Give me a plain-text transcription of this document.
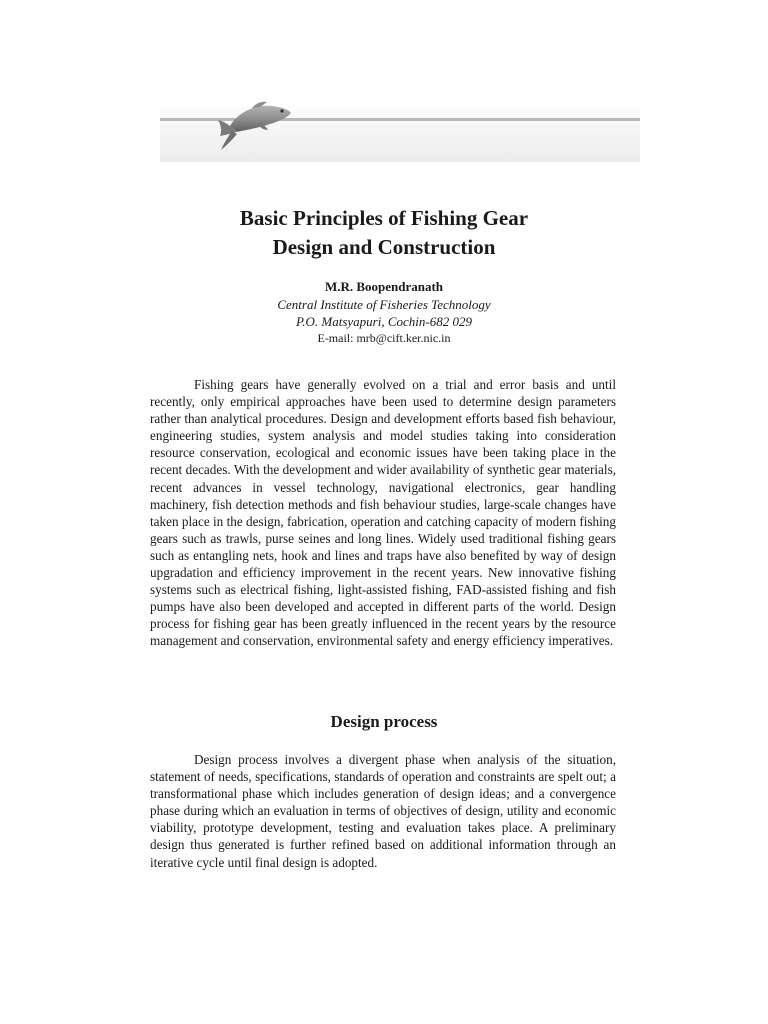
Basic Principles of Fishing Gear
Design and Construction
M.R. Boopendranath
Central Institute of Fisheries Technology
P.O. Matsyapuri, Cochin-682 029
E-mail: mrb@cift.ker.nic.in

Fishing gears have generally evolved on a trial and error basis and until recently, only empirical approaches have been used to determine design parameters rather than analytical procedures. Design and development efforts based fish behaviour, engineering studies, system analysis and model studies taking into consideration resource conservation, ecological and economic issues have been taking place in the recent decades. With the development and wider availability of synthetic gear materials, recent advances in vessel technology, navigational electronics, gear handling machinery, fish detection methods and fish behaviour studies, large-scale changes have taken place in the design, fabrication, operation and catching capacity of modern fishing gears such as trawls, purse seines and long lines. Widely used traditional fishing gears such as entangling nets, hook and lines and traps have also benefited by way of design upgradation and efficiency improvement in the recent years. New innovative fishing systems such as electrical fishing, light-assisted fishing, FAD-assisted fishing and fish pumps have also been developed and accepted in different parts of the world. Design process for fishing gear has been greatly influenced in the recent years by the resource management and conservation, environmental safety and energy efficiency imperatives.

Design process

Design process involves a divergent phase when analysis of the situation, statement of needs, specifications, standards of operation and constraints are spelt out; a transformational phase which includes generation of design ideas; and a convergence phase during which an evaluation in terms of objectives of design, utility and economic viability, prototype development, testing and evaluation takes place. A preliminary design thus generated is further refined based on additional information through an iterative cycle until final design is adopted.
